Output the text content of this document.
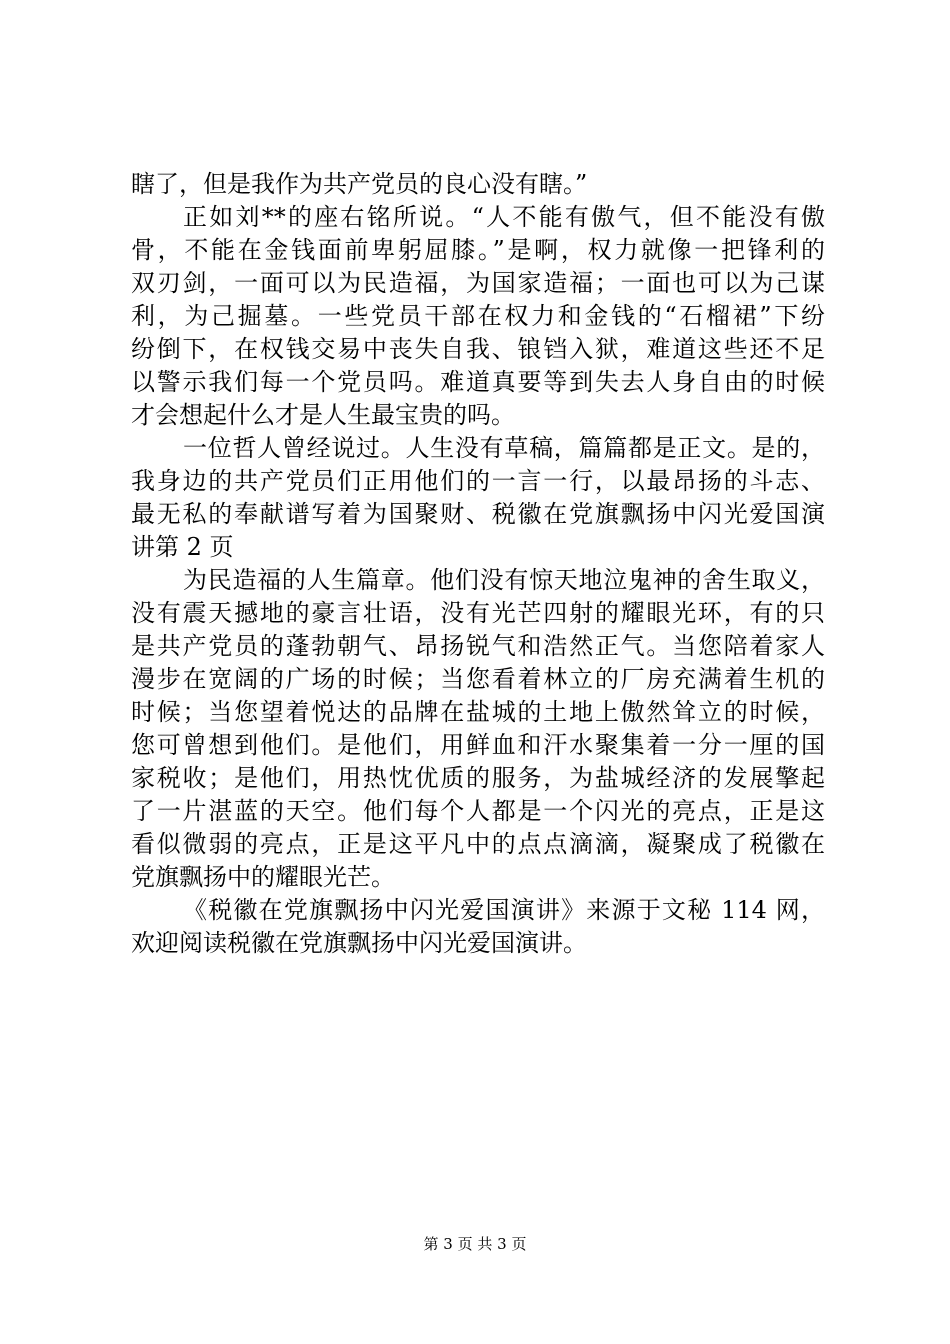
瞎了，但是我作为共产党员的良心没有瞎。”
正如刘**的座右铭所说。“人不能有傲气，但不能没有傲
骨，不能在金钱面前卑躬屈膝。”是啊，权力就像一把锋利的
双刃剑，一面可以为民造福，为国家造福；一面也可以为己谋
利，为己掘墓。一些党员干部在权力和金钱的“石榴裙”下纷
纷倒下，在权钱交易中丧失自我、锒铛入狱，难道这些还不足
以警示我们每一个党员吗。难道真要等到失去人身自由的时候
才会想起什么才是人生最宝贵的吗。
一位哲人曾经说过。人生没有草稿，篇篇都是正文。是的，
我身边的共产党员们正用他们的一言一行，以最昂扬的斗志、
最无私的奉献谱写着为国聚财、税徽在党旗飘扬中闪光爱国演
讲第 2 页
为民造福的人生篇章。他们没有惊天地泣鬼神的舍生取义，
没有震天撼地的豪言壮语，没有光芒四射的耀眼光环，有的只
是共产党员的蓬勃朝气、昂扬锐气和浩然正气。当您陪着家人
漫步在宽阔的广场的时候；当您看着林立的厂房充满着生机的
时候；当您望着悦达的品牌在盐城的土地上傲然耸立的时候，
您可曾想到他们。是他们，用鲜血和汗水聚集着一分一厘的国
家税收；是他们，用热忱优质的服务，为盐城经济的发展擎起
了一片湛蓝的天空。他们每个人都是一个闪光的亮点，正是这
看似微弱的亮点，正是这平凡中的点点滴滴，凝聚成了税徽在
党旗飘扬中的耀眼光芒。
《税徽在党旗飘扬中闪光爱国演讲》来源于文秘 114 网，
欢迎阅读税徽在党旗飘扬中闪光爱国演讲。
第 3 页 共 3 页
